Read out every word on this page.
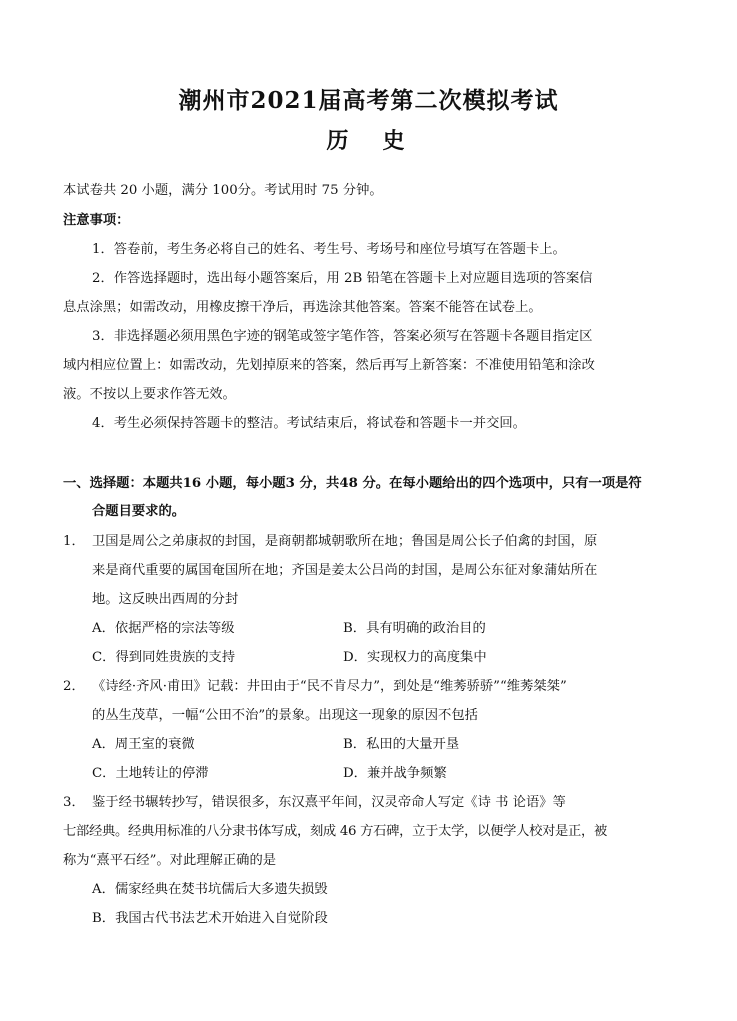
潮州市2021届高考第二次模拟考试
历　史
本试卷共 20 小题，满分 100分。考试用时 75 分钟。
注意事项：
1．答卷前，考生务必将自己的姓名、考生号、考场号和座位号填写在答题卡上。
2．作答选择题时，选出每小题答案后，用 2B 铅笔在答题卡上对应题目选项的答案信
息点涂黑；如需改动，用橡皮擦干净后，再选涂其他答案。答案不能答在试卷上。
3．非选择题必须用黑色字迹的钢笔或签字笔作答，答案必须写在答题卡各题目指定区
域内相应位置上：如需改动，先划掉原来的答案，然后再写上新答案：不准使用铅笔和涂改
液。不按以上要求作答无效。
4．考生必须保持答题卡的整洁。考试结束后，将试卷和答题卡一并交回。
一、选择题：本题共16 小题，每小题3 分，共48 分。在每小题给出的四个选项中，只有一项是符
合题目要求的。
1． 卫国是周公之弟康叔的封国，是商朝都城朝歌所在地；鲁国是周公长子伯禽的封国，原
来是商代重要的属国奄国所在地；齐国是姜太公吕尚的封国，是周公东征对象蒲姑所在
地。这反映出西周的分封
A．依据严格的宗法等级	B．具有明确的政治目的
C．得到同姓贵族的支持	D．实现权力的高度集中
2． 《诗经·齐风·甫田》记载：井田由于“民不肯尽力”，到处是“维莠骄骄”“维莠桀桀”
的丛生茂草，一幅“公田不治”的景象。出现这一现象的原因不包括
A．周王室的衰微	B．私田的大量开垦
C．土地转让的停滞	D．兼并战争频繁
3． 鉴于经书辗转抄写，错误很多，东汉熹平年间，汉灵帝命人写定《诗 书 论语》等
七部经典。经典用标准的八分隶书体写成，刻成 46 方石碑，立于太学，以便学人校对是正，被
称为“熹平石经”。对此理解正确的是
A．儒家经典在焚书坑儒后大多遗失损毁
B．我国古代书法艺术开始进入自觉阶段
